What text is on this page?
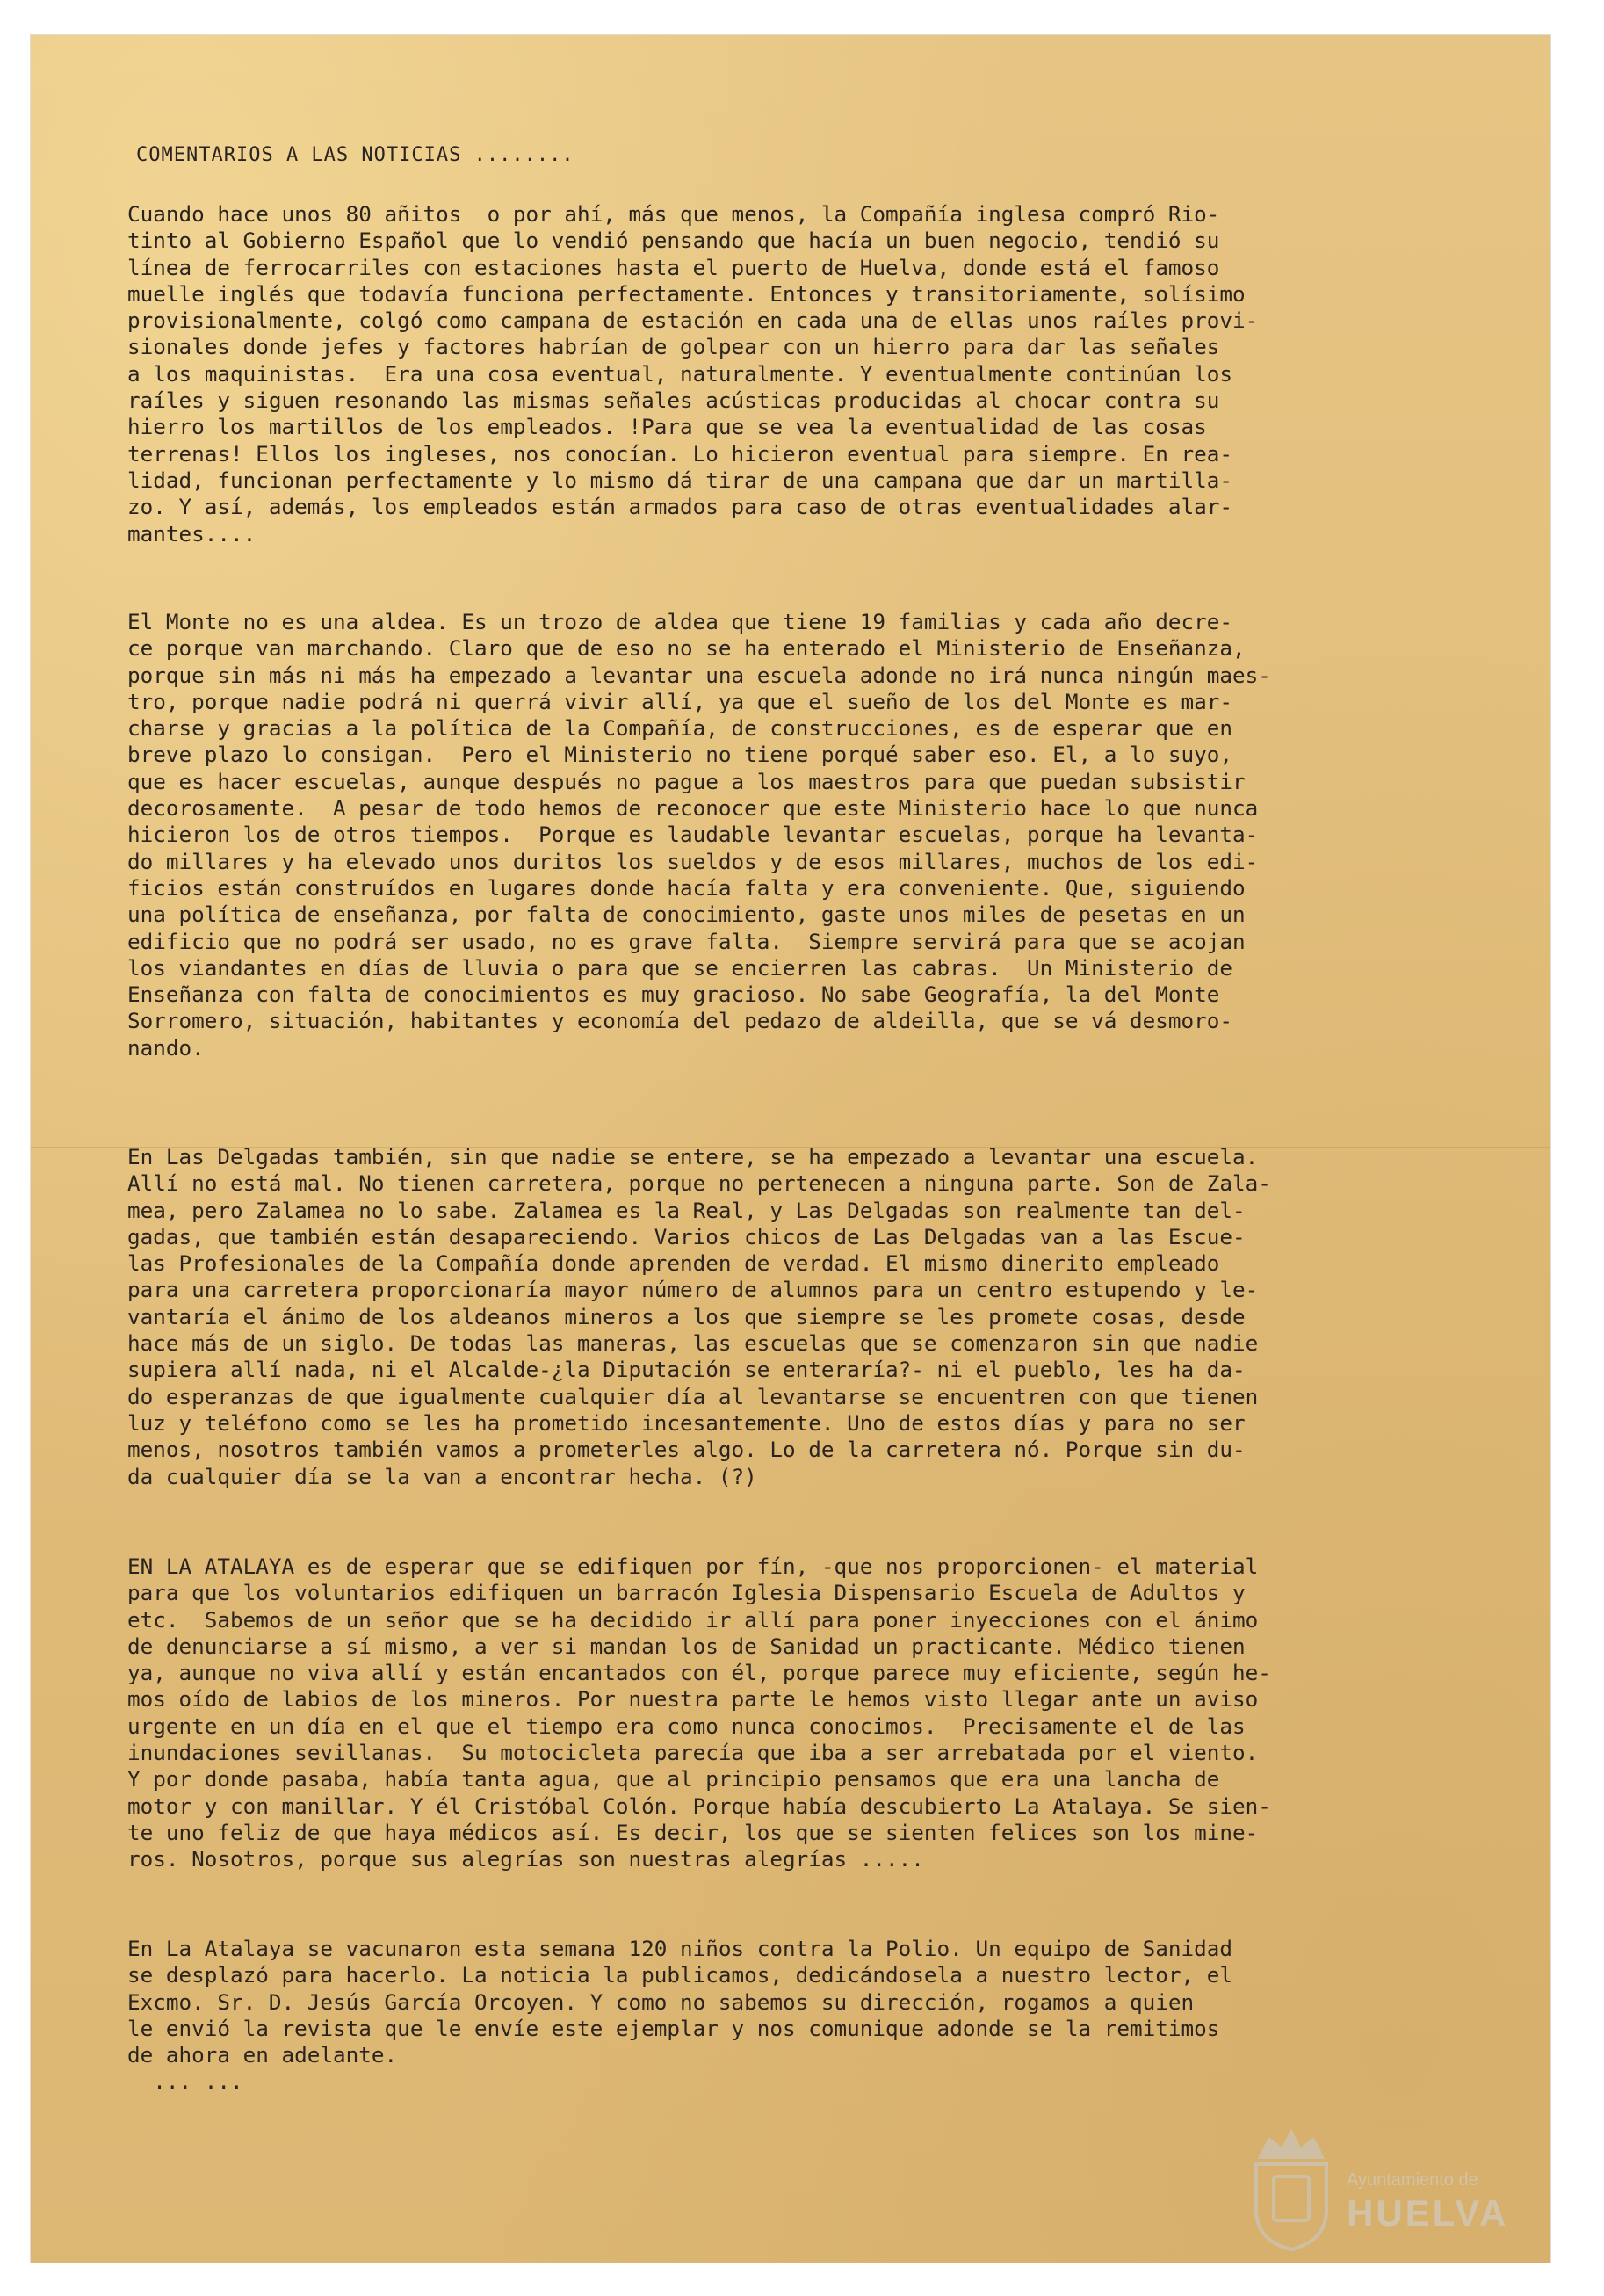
COMENTARIOS A LAS NOTICIAS ........

Cuando hace unos 80 añitos  o por ahí, más que menos, la Compañía inglesa compró Rio-
tinto al Gobierno Español que lo vendió pensando que hacía un buen negocio, tendió su
línea de ferrocarriles con estaciones hasta el puerto de Huelva, donde está el famoso
muelle inglés que todavía funciona perfectamente. Entonces y transitoriamente, solísimo
provisionalmente, colgó como campana de estación en cada una de ellas unos raíles provi-
sionales donde jefes y factores habrían de golpear con un hierro para dar las señales
a los maquinistas.  Era una cosa eventual, naturalmente. Y eventualmente continúan los
raíles y siguen resonando las mismas señales acústicas producidas al chocar contra su
hierro los martillos de los empleados. !Para que se vea la eventualidad de las cosas
terrenas! Ellos los ingleses, nos conocían. Lo hicieron eventual para siempre. En rea-
lidad, funcionan perfectamente y lo mismo dá tirar de una campana que dar un martilla-
zo. Y así, además, los empleados están armados para caso de otras eventualidades alar-
mantes....

El Monte no es una aldea. Es un trozo de aldea que tiene 19 familias y cada año decre-
ce porque van marchando. Claro que de eso no se ha enterado el Ministerio de Enseñanza,
porque sin más ni más ha empezado a levantar una escuela adonde no irá nunca ningún maes-
tro, porque nadie podrá ni querrá vivir allí, ya que el sueño de los del Monte es mar-
charse y gracias a la política de la Compañía, de construcciones, es de esperar que en
breve plazo lo consigan.  Pero el Ministerio no tiene porqué saber eso. El, a lo suyo,
que es hacer escuelas, aunque después no pague a los maestros para que puedan subsistir
decorosamente.  A pesar de todo hemos de reconocer que este Ministerio hace lo que nunca
hicieron los de otros tiempos.  Porque es laudable levantar escuelas, porque ha levanta-
do millares y ha elevado unos duritos los sueldos y de esos millares, muchos de los edi-
ficios están construídos en lugares donde hacía falta y era conveniente. Que, siguiendo
una política de enseñanza, por falta de conocimiento, gaste unos miles de pesetas en un
edificio que no podrá ser usado, no es grave falta.  Siempre servirá para que se acojan
los viandantes en días de lluvia o para que se encierren las cabras.  Un Ministerio de
Enseñanza con falta de conocimientos es muy gracioso. No sabe Geografía, la del Monte
Sorromero, situación, habitantes y economía del pedazo de aldeilla, que se vá desmoro-
nando.

En Las Delgadas también, sin que nadie se entere, se ha empezado a levantar una escuela.
Allí no está mal. No tienen carretera, porque no pertenecen a ninguna parte. Son de Zala-
mea, pero Zalamea no lo sabe. Zalamea es la Real, y Las Delgadas son realmente tan del-
gadas, que también están desapareciendo. Varios chicos de Las Delgadas van a las Escue-
las Profesionales de la Compañía donde aprenden de verdad. El mismo dinerito empleado
para una carretera proporcionaría mayor número de alumnos para un centro estupendo y le-
vantaría el ánimo de los aldeanos mineros a los que siempre se les promete cosas, desde
hace más de un siglo. De todas las maneras, las escuelas que se comenzaron sin que nadie
supiera allí nada, ni el Alcalde-¿la Diputación se enteraría?- ni el pueblo, les ha da-
do esperanzas de que igualmente cualquier día al levantarse se encuentren con que tienen
luz y teléfono como se les ha prometido incesantemente. Uno de estos días y para no ser
menos, nosotros también vamos a prometerles algo. Lo de la carretera nó. Porque sin du-
da cualquier día se la van a encontrar hecha. (?)

EN LA ATALAYA es de esperar que se edifiquen por fín, -que nos proporcionen- el material
para que los voluntarios edifiquen un barracón Iglesia Dispensario Escuela de Adultos y
etc.  Sabemos de un señor que se ha decidido ir allí para poner inyecciones con el ánimo
de denunciarse a sí mismo, a ver si mandan los de Sanidad un practicante. Médico tienen
ya, aunque no viva allí y están encantados con él, porque parece muy eficiente, según he-
mos oído de labios de los mineros. Por nuestra parte le hemos visto llegar ante un aviso
urgente en un día en el que el tiempo era como nunca conocimos.  Precisamente el de las
inundaciones sevillanas.  Su motocicleta parecía que iba a ser arrebatada por el viento.
Y por donde pasaba, había tanta agua, que al principio pensamos que era una lancha de
motor y con manillar. Y él Cristóbal Colón. Porque había descubierto La Atalaya. Se sien-
te uno feliz de que haya médicos así. Es decir, los que se sienten felices son los mine-
ros. Nosotros, porque sus alegrías son nuestras alegrías .....

En La Atalaya se vacunaron esta semana 120 niños contra la Polio. Un equipo de Sanidad
se desplazó para hacerlo. La noticia la publicamos, dedicándosela a nuestro lector, el
Excmo. Sr. D. Jesús García Orcoyen. Y como no sabemos su dirección, rogamos a quien
le envió la revista que le envíe este ejemplar y nos comunique adonde se la remitimos
de ahora en adelante.
... ...

Ayuntamiento de
HUELVA
